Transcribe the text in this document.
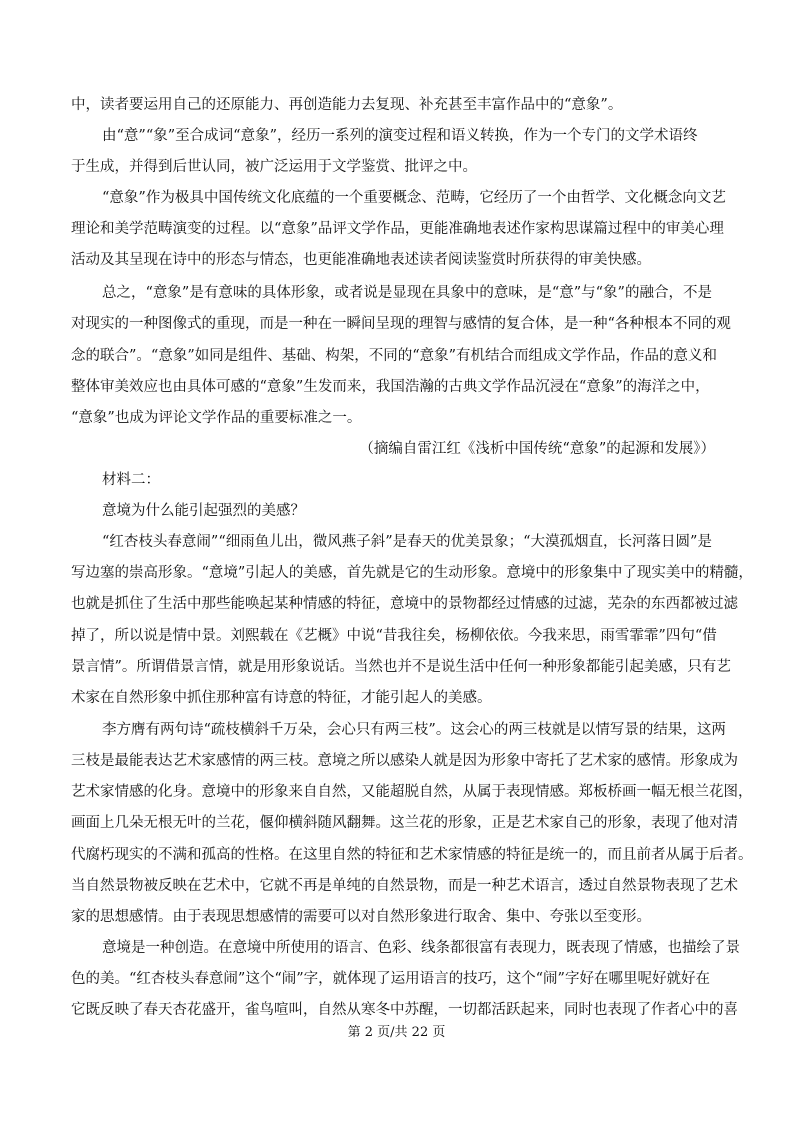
中，读者要运用自己的还原能力、再创造能力去复现、补充甚至丰富作品中的“意象”。
由“意”“象”至合成词“意象”，经历一系列的演变过程和语义转换，作为一个专门的文学术语终
于生成，并得到后世认同，被广泛运用于文学鉴赏、批评之中。
“意象”作为极具中国传统文化底蕴的一个重要概念、范畴，它经历了一个由哲学、文化概念向文艺
理论和美学范畴演变的过程。以“意象”品评文学作品，更能准确地表述作家构思谋篇过程中的审美心理
活动及其呈现在诗中的形态与情态，也更能准确地表述读者阅读鉴赏时所获得的审美快感。
总之，“意象”是有意味的具体形象，或者说是显现在具象中的意味，是“意”与“象”的融合，不是
对现实的一种图像式的重现，而是一种在一瞬间呈现的理智与感情的复合体，是一种“各种根本不同的观
念的联合”。“意象”如同是组件、基础、构架，不同的“意象”有机结合而组成文学作品，作品的意义和
整体审美效应也由具体可感的“意象”生发而来，我国浩瀚的古典文学作品沉浸在“意象”的海洋之中，
“意象”也成为评论文学作品的重要标准之一。
（摘编自雷江红《浅析中国传统“意象”的起源和发展》）
材料二：
意境为什么能引起强烈的美感？
“红杏枝头春意闹”“细雨鱼儿出，微风燕子斜”是春天的优美景象；“大漠孤烟直，长河落日圆”是
写边塞的崇高形象。“意境”引起人的美感，首先就是它的生动形象。意境中的形象集中了现实美中的精髓，
也就是抓住了生活中那些能唤起某种情感的特征，意境中的景物都经过情感的过滤，芜杂的东西都被过滤
掉了，所以说是情中景。刘熙载在《艺概》中说“昔我往矣，杨柳依依。今我来思，雨雪霏霏”四句“借
景言情”。所谓借景言情，就是用形象说话。当然也并不是说生活中任何一种形象都能引起美感，只有艺
术家在自然形象中抓住那种富有诗意的特征，才能引起人的美感。
李方膺有两句诗“疏枝横斜千万朵，会心只有两三枝”。这会心的两三枝就是以情写景的结果，这两
三枝是最能表达艺术家感情的两三枝。意境之所以感染人就是因为形象中寄托了艺术家的感情。形象成为
艺术家情感的化身。意境中的形象来自自然，又能超脱自然，从属于表现情感。郑板桥画一幅无根兰花图，
画面上几朵无根无叶的兰花，偃仰横斜随风翻舞。这兰花的形象，正是艺术家自己的形象，表现了他对清
代腐朽现实的不满和孤高的性格。在这里自然的特征和艺术家情感的特征是统一的，而且前者从属于后者。
当自然景物被反映在艺术中，它就不再是单纯的自然景物，而是一种艺术语言，透过自然景物表现了艺术
家的思想感情。由于表现思想感情的需要可以对自然形象进行取舍、集中、夸张以至变形。
意境是一种创造。在意境中所使用的语言、色彩、线条都很富有表现力，既表现了情感，也描绘了景
色的美。“红杏枝头春意闹”这个“闹”字，就体现了运用语言的技巧，这个“闹”字好在哪里呢好就好在
它既反映了春天杏花盛开，雀鸟喧叫，自然从寒冬中苏醒，一切都活跃起来，同时也表现了作者心中的喜
第 2 页/共 22 页
